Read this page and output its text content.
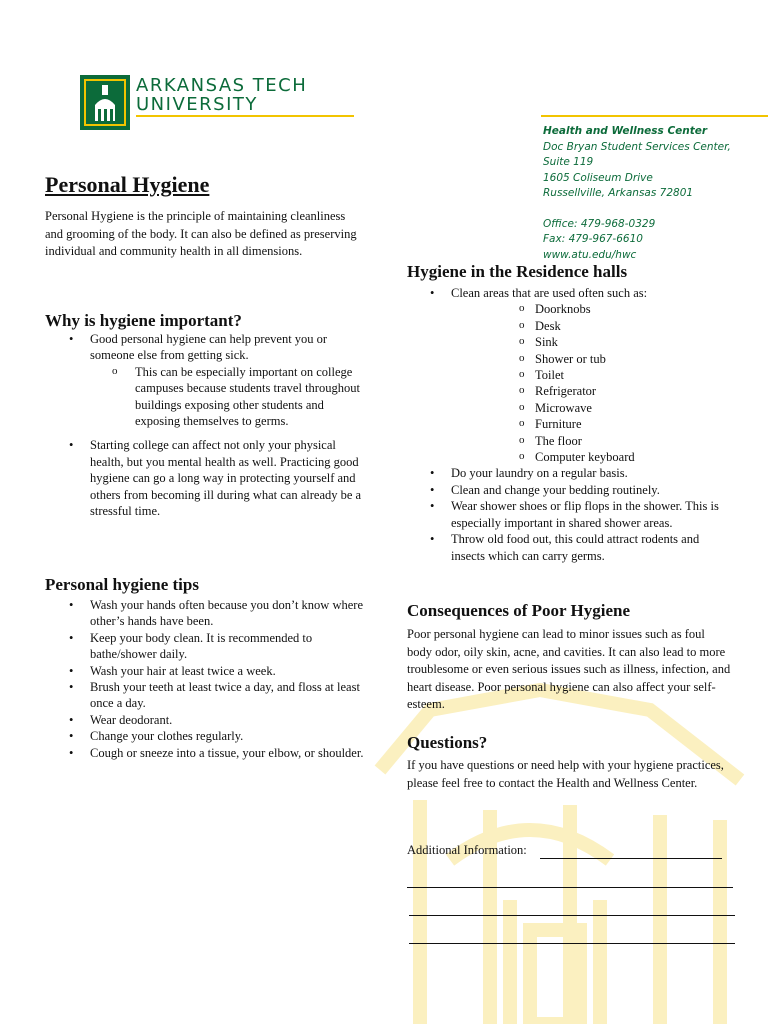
ARKANSAS TECH
UNIVERSITY
Health and Wellness Center
Doc Bryan Student Services Center,
Suite 119
1605 Coliseum Drive
Russellville, Arkansas 72801
Office: 479-968-0329
Fax: 479-967-6610
www.atu.edu/hwc
Personal Hygiene

Personal Hygiene is the principle of maintaining cleanliness and grooming of the body. It can also be defined as preserving individual and community health in all dimensions.

Why is hygiene important?
• Good personal hygiene can help prevent you or someone else from getting sick.
o This can be especially important on college campuses because students travel throughout buildings exposing other students and exposing themselves to germs.
• Starting college can affect not only your physical health, but you mental health as well. Practicing good hygiene can go a long way in protecting yourself and others from becoming ill during what can already be a stressful time.
Personal hygiene tips
• Wash your hands often because you don’t know where other’s hands have been.
• Keep your body clean. It is recommended to bathe/shower daily.
• Wash your hair at least twice a week.
• Brush your teeth at least twice a day, and floss at least once a day.
• Wear deodorant.
• Change your clothes regularly.
• Cough or sneeze into a tissue, your elbow, or shoulder.
Hygiene in the Residence halls
• Clean areas that are used often such as:
o Doorknobs
o Desk
o Sink
o Shower or tub
o Toilet
o Refrigerator
o Microwave
o Furniture
o The floor
o Computer keyboard
• Do your laundry on a regular basis.
• Clean and change your bedding routinely.
• Wear shower shoes or flip flops in the shower. This is especially important in shared shower areas.
• Throw old food out, this could attract rodents and insects which can carry germs.
Consequences of Poor Hygiene

Poor personal hygiene can lead to minor issues such as foul body odor, oily skin, acne, and cavities. It can also lead to more troublesome or even serious issues such as illness, infection, and heart disease. Poor personal hygiene can also affect your self-esteem.

Questions?

If you have questions or need help with your hygiene practices, please feel free to contact the Health and Wellness Center.

Additional Information:
